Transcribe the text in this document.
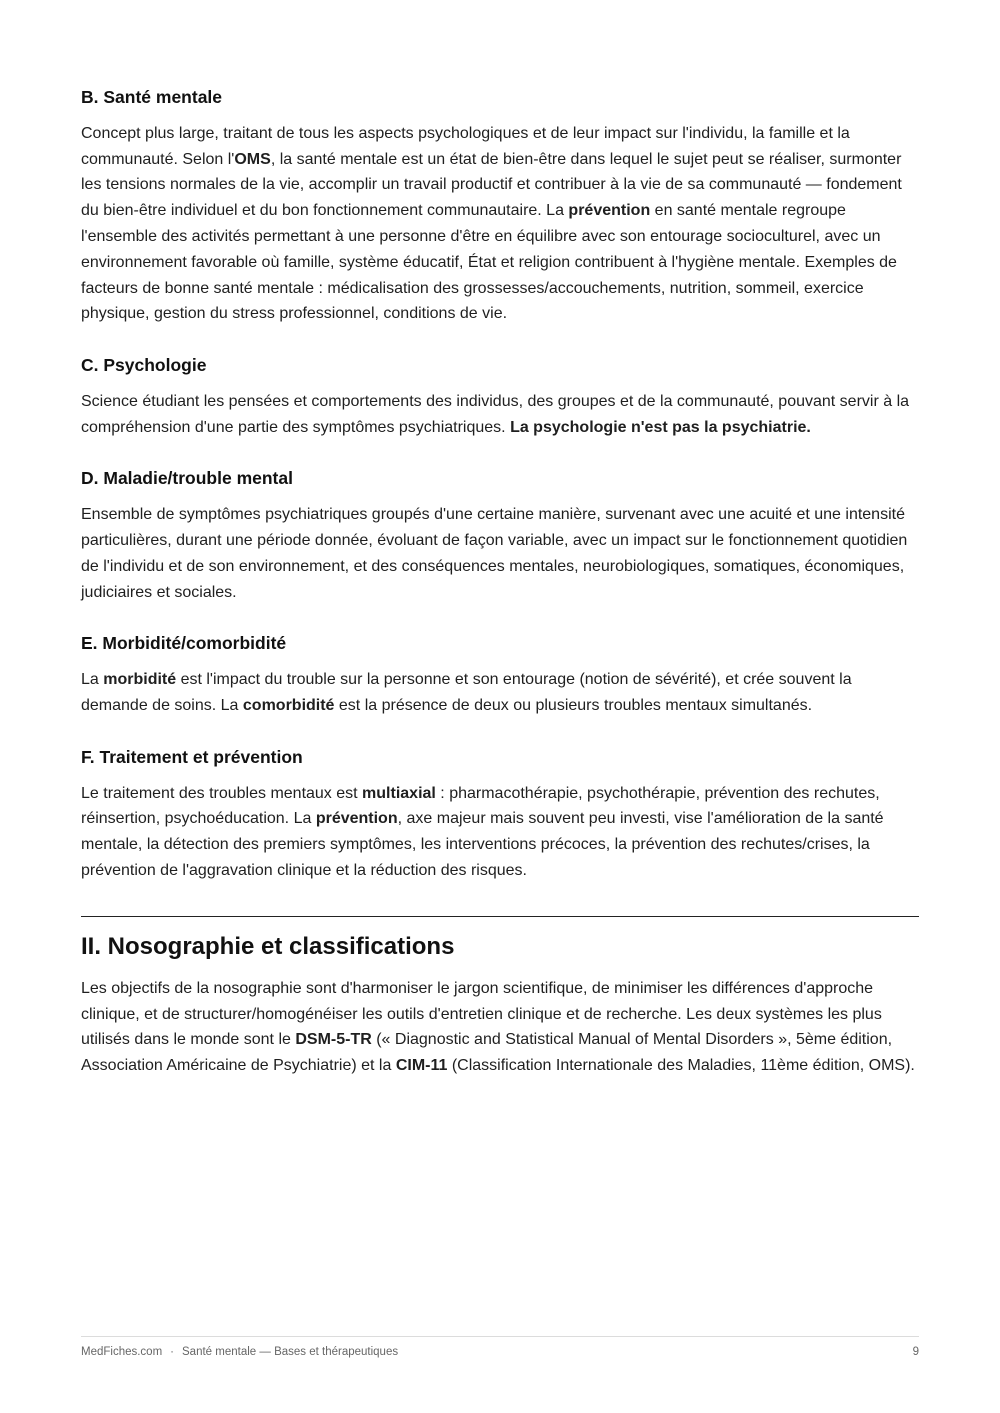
B. Santé mentale

Concept plus large, traitant de tous les aspects psychologiques et de leur impact sur l'individu, la famille et la communauté. Selon l'OMS, la santé mentale est un état de bien-être dans lequel le sujet peut se réaliser, surmonter les tensions normales de la vie, accomplir un travail productif et contribuer à la vie de sa communauté — fondement du bien-être individuel et du bon fonctionnement communautaire. La prévention en santé mentale regroupe l'ensemble des activités permettant à une personne d'être en équilibre avec son entourage socioculturel, avec un environnement favorable où famille, système éducatif, État et religion contribuent à l'hygiène mentale. Exemples de facteurs de bonne santé mentale : médicalisation des grossesses/accouchements, nutrition, sommeil, exercice physique, gestion du stress professionnel, conditions de vie.

C. Psychologie

Science étudiant les pensées et comportements des individus, des groupes et de la communauté, pouvant servir à la compréhension d'une partie des symptômes psychiatriques. La psychologie n'est pas la psychiatrie.

D. Maladie/trouble mental

Ensemble de symptômes psychiatriques groupés d'une certaine manière, survenant avec une acuité et une intensité particulières, durant une période donnée, évoluant de façon variable, avec un impact sur le fonctionnement quotidien de l'individu et de son environnement, et des conséquences mentales, neurobiologiques, somatiques, économiques, judiciaires et sociales.

E. Morbidité/comorbidité

La morbidité est l'impact du trouble sur la personne et son entourage (notion de sévérité), et crée souvent la demande de soins. La comorbidité est la présence de deux ou plusieurs troubles mentaux simultanés.

F. Traitement et prévention

Le traitement des troubles mentaux est multiaxial : pharmacothérapie, psychothérapie, prévention des rechutes, réinsertion, psychoéducation. La prévention, axe majeur mais souvent peu investi, vise l'amélioration de la santé mentale, la détection des premiers symptômes, les interventions précoces, la prévention des rechutes/crises, la prévention de l'aggravation clinique et la réduction des risques.

II. Nosographie et classifications

Les objectifs de la nosographie sont d'harmoniser le jargon scientifique, de minimiser les différences d'approche clinique, et de structurer/homogénéiser les outils d'entretien clinique et de recherche. Les deux systèmes les plus utilisés dans le monde sont le DSM-5-TR (« Diagnostic and Statistical Manual of Mental Disorders », 5ème édition, Association Américaine de Psychiatrie) et la CIM-11 (Classification Internationale des Maladies, 11ème édition, OMS).

MedFiches.com · Santé mentale — Bases et thérapeutiques	9
